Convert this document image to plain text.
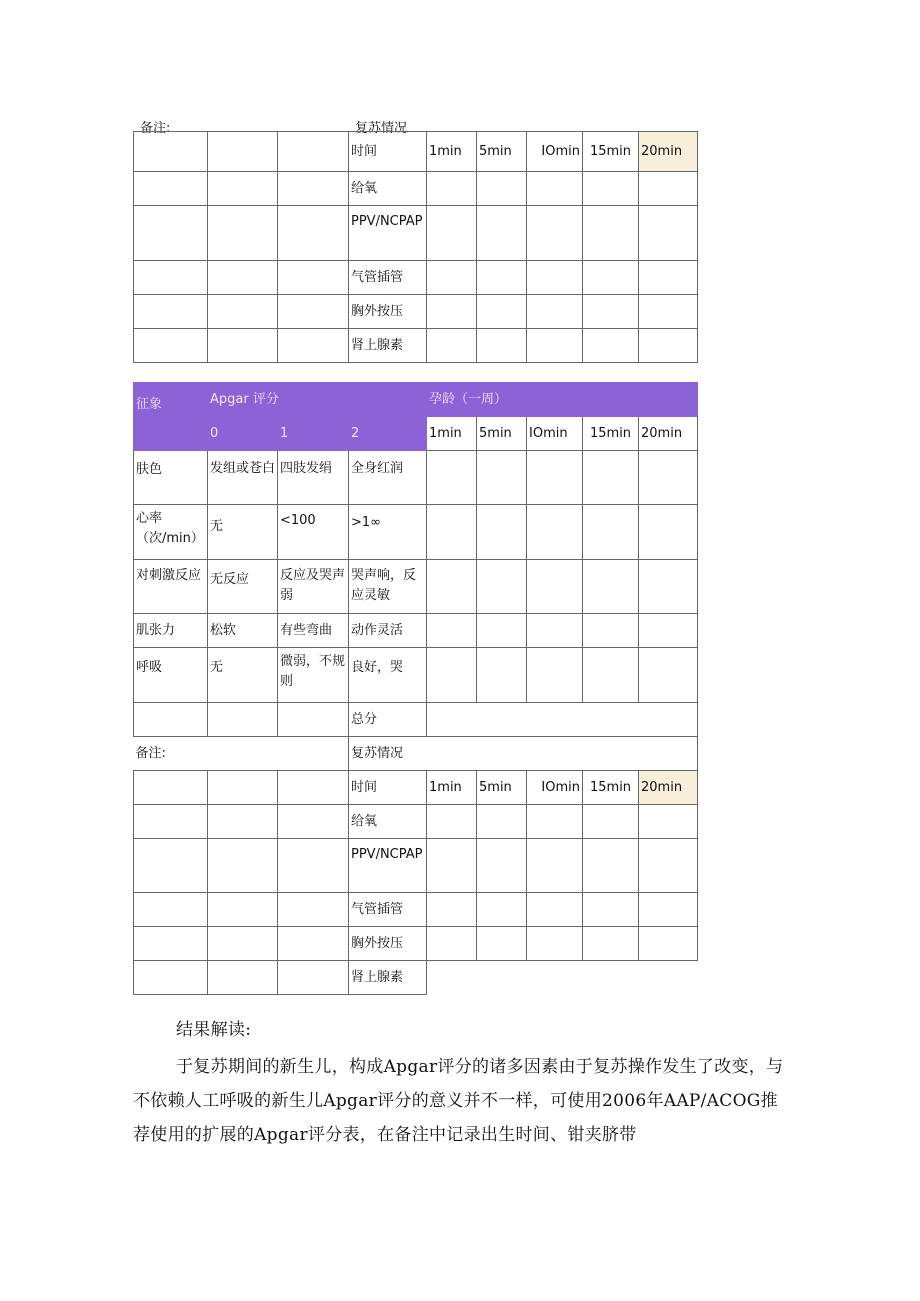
备注:	复苏情况
			时间	1min	5min	IOmin	15min	20min
			给氧					
			PPV/NCPAP					
			气管插管					
			胸外按压					
			肾上腺素					
征象	Apgar 评分			孕龄（一周）				
	0	1	2	1min	5min	IOmin	15min	20min
肤色	发组或苍白	四肢发绢	全身红润					
心率（次/min）	无	<100	>1∞					
对刺激反应	无反应	反应及哭声弱	哭声响，反应灵敏					
肌张力	松软	有些弯曲	动作灵活					
呼吸	无	微弱，不规则	良好，哭					
			总分					
备注:			复苏情况					
			时间	1min	5min	IOmin	15min	20min
			给氧					
			PPV/NCPAP					
			气管插管					
			胸外按压					
			肾上腺素					
结果解读:
于复苏期间的新生儿，构成Apgar评分的诸多因素由于复苏操作发生了改变，与不依赖人工呼吸的新生儿Apgar评分的意义并不一样，可使用2006年AAP/ACOG推荐使用的扩展的Apgar评分表，在备注中记录出生时间、钳夹脐带
